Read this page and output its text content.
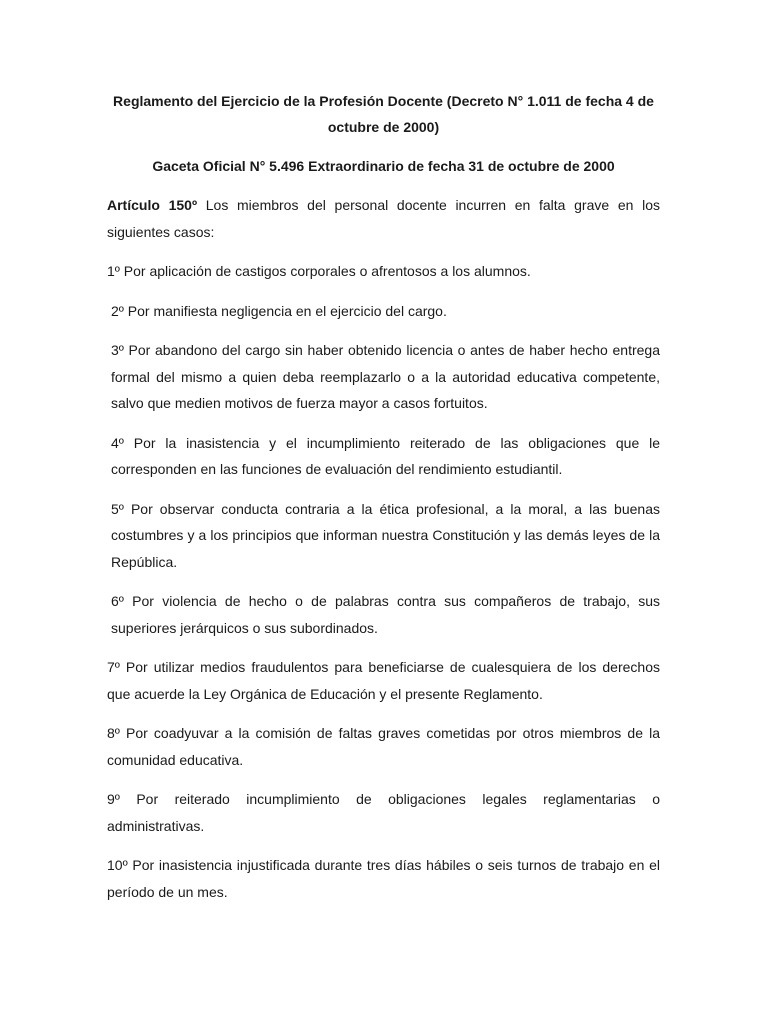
Reglamento del Ejercicio de la Profesión Docente (Decreto N° 1.011 de fecha 4 de octubre de 2000)

Gaceta Oficial N° 5.496 Extraordinario de fecha 31 de octubre de 2000

Artículo 150º Los miembros del personal docente incurren en falta grave en los siguientes casos:

1º Por aplicación de castigos corporales o afrentosos a los alumnos.

2º Por manifiesta negligencia en el ejercicio del cargo.

3º Por abandono del cargo sin haber obtenido licencia o antes de haber hecho entrega formal del mismo a quien deba reemplazarlo o a la autoridad educativa competente, salvo que medien motivos de fuerza mayor a casos fortuitos.

4º Por la inasistencia y el incumplimiento reiterado de las obligaciones que le corresponden en las funciones de evaluación del rendimiento estudiantil.

5º Por observar conducta contraria a la ética profesional, a la moral, a las buenas costumbres y a los principios que informan nuestra Constitución y las demás leyes de la República.

6º Por violencia de hecho o de palabras contra sus compañeros de trabajo, sus superiores jerárquicos o sus subordinados.

7º Por utilizar medios fraudulentos para beneficiarse de cualesquiera de los derechos que acuerde la Ley Orgánica de Educación y el presente Reglamento.

8º Por coadyuvar a la comisión de faltas graves cometidas por otros miembros de la comunidad educativa.

9º Por reiterado incumplimiento de obligaciones legales reglamentarias o administrativas.

10º Por inasistencia injustificada durante tres días hábiles o seis turnos de trabajo en el período de un mes.
